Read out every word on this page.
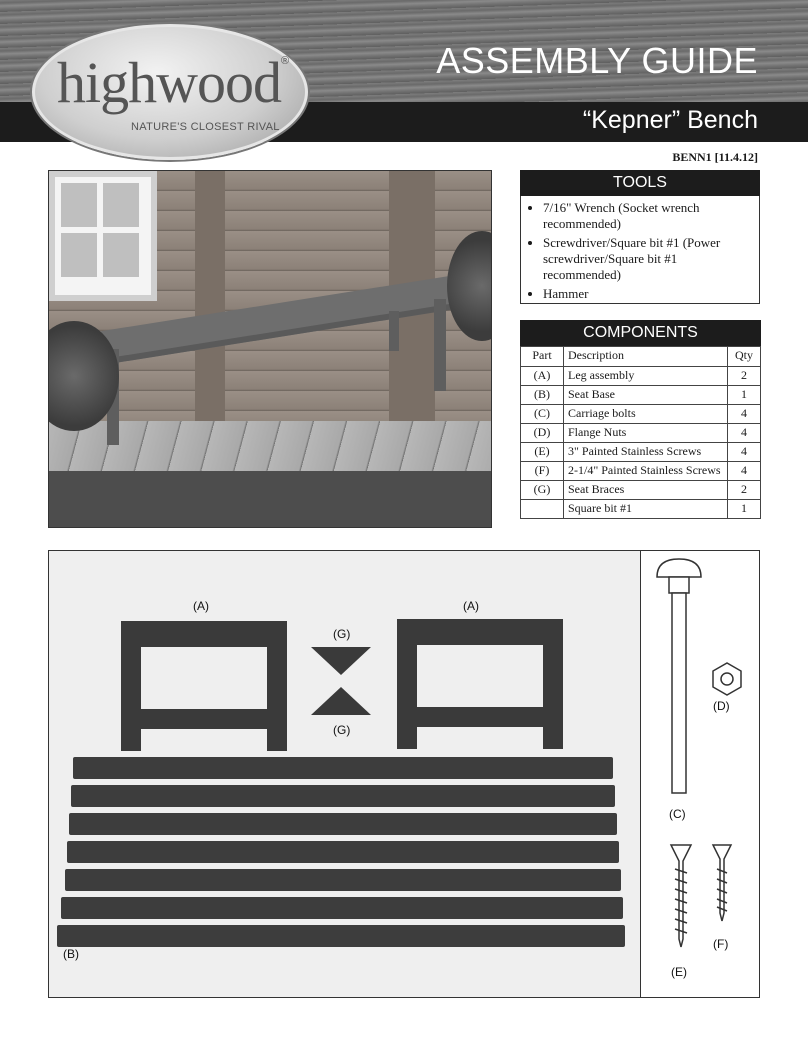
highwood ®
NATURE'S CLOSEST RIVAL
ASSEMBLY GUIDE
“Kepner” Bench
BENN1 [11.4.12]
TOOLS
• 7/16" Wrench (Socket wrench recommended)
• Screwdriver/Square bit #1 (Power screwdriver/Square bit #1 recommended)
• Hammer
COMPONENTS
Part	Description	Qty
(A)	Leg assembly	2
(B)	Seat Base	1
(C)	Carriage bolts	4
(D)	Flange Nuts	4
(E)	3" Painted Stainless Screws	4
(F)	2-1/4" Painted Stainless Screws	4
(G)	Seat Braces	2
	Square bit #1	1
(A)	(A)
(G)
(G)
(B)
(D)
(C)
(F)
(E)
